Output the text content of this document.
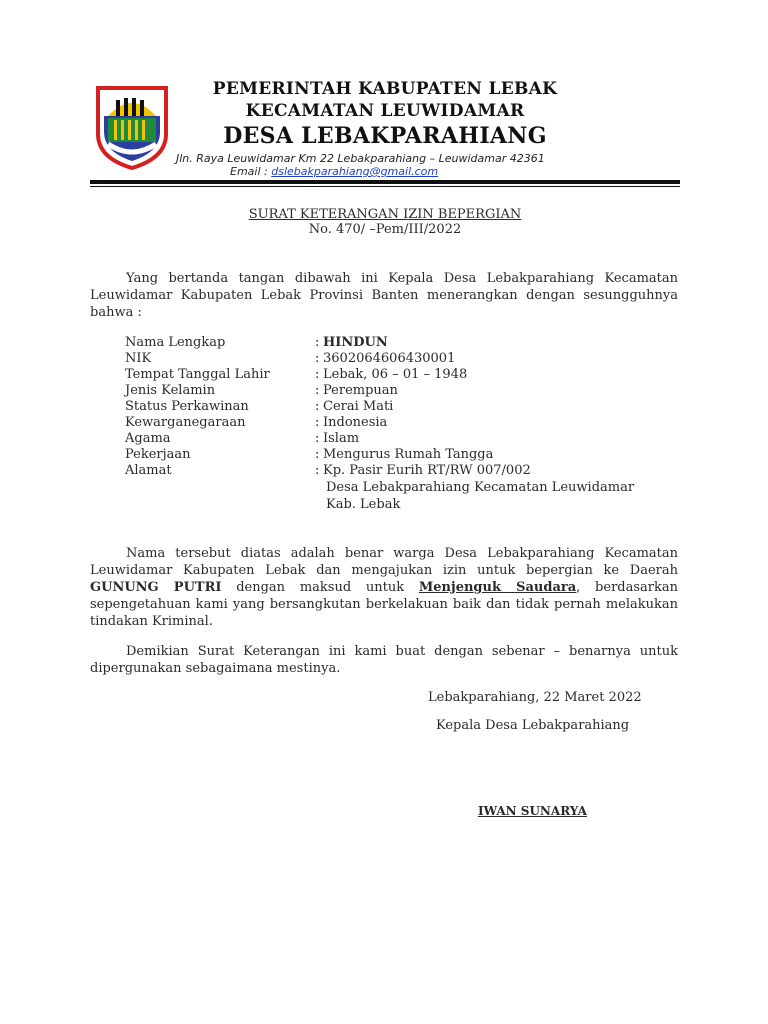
PEMERINTAH KABUPATEN LEBAK
KECAMATAN LEUWIDAMAR
DESA LEBAKPARAHIANG
Jln. Raya Leuwidamar Km 22 Lebakparahiang – Leuwidamar 42361
Email : dslebakparahiang@gmail.com
SURAT KETERANGAN IZIN BEPERGIAN
No. 470/ –Pem/III/2022
Yang bertanda tangan dibawah ini Kepala Desa Lebakparahiang Kecamatan Leuwidamar Kabupaten Lebak Provinsi Banten menerangkan dengan sesungguhnya bahwa :
Nama Lengkap	: HINDUN
NIK	: 3602064606430001
Tempat Tanggal Lahir	: Lebak, 06 – 01 – 1948
Jenis Kelamin	: Perempuan
Status Perkawinan	: Cerai Mati
Kewarganegaraan	: Indonesia
Agama	: Islam
Pekerjaan	: Mengurus Rumah Tangga
Alamat	: Kp. Pasir Eurih RT/RW 007/002
Desa Lebakparahiang Kecamatan Leuwidamar
Kab. Lebak
Nama tersebut diatas adalah benar warga Desa Lebakparahiang Kecamatan Leuwidamar Kabupaten Lebak dan mengajukan izin untuk bepergian ke Daerah GUNUNG PUTRI dengan maksud untuk Menjenguk Saudara, berdasarkan sepengetahuan kami yang bersangkutan berkelakuan baik dan tidak pernah melakukan tindakan Kriminal.
Demikian Surat Keterangan ini kami buat dengan sebenar – benarnya untuk dipergunakan sebagaimana mestinya.
Lebakparahiang, 22 Maret 2022
Kepala Desa Lebakparahiang
IWAN SUNARYA
